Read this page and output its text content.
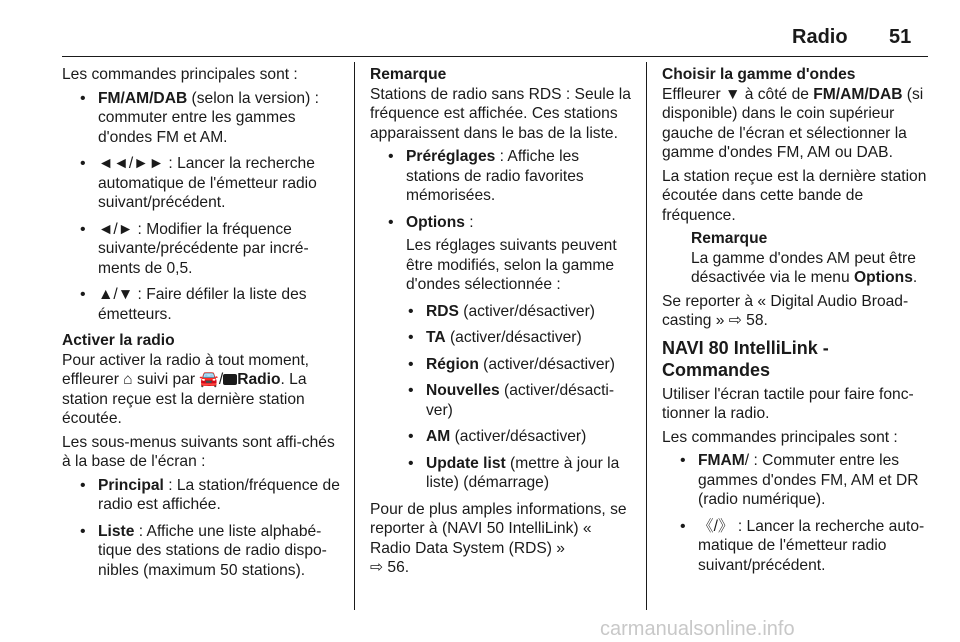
Radio 51

Les commandes principales sont :

• FM/AM/DAB (selon la version) : commuter entre les gammes d'ondes FM et AM.
• ◄◄/►► : Lancer la recherche automatique de l'émetteur radio suivant/précédent.
• ◄/► : Modifier la fréquence suivante/précédente par incré-ments de 0,5.
• ▲/▼ : Faire défiler la liste des émetteurs.

Activer la radio

Pour activer la radio à tout moment, effleurer ⌂ suivi par 🚘/ Radio. La station reçue est la dernière station écoutée.

Les sous-menus suivants sont affi-chés à la base de l'écran :

• Principal : La station/fréquence de radio est affichée.
• Liste : Affiche une liste alphabé-tique des stations de radio dispo-nibles (maximum 50 stations).

Remarque

Stations de radio sans RDS : Seule la fréquence est affichée. Ces stations apparaissent dans le bas de la liste.

• Préréglages : Affiche les stations de radio favorites mémorisées.
• Options :

Les réglages suivants peuvent être modifiés, selon la gamme d'ondes sélectionnée :

• RDS (activer/désactiver)
• TA (activer/désactiver)
• Région (activer/désactiver)
• Nouvelles (activer/désacti-ver)
• AM (activer/désactiver)
• Update list (mettre à jour la liste) (démarrage)

Pour de plus amples informations, se reporter à (NAVI 50 IntelliLink) « Radio Data System (RDS) »
⇨ 56.

Choisir la gamme d'ondes

Effleurer ▼ à côté de FM/AM/DAB (si disponible) dans le coin supérieur gauche de l'écran et sélectionner la gamme d'ondes FM, AM ou DAB.

La station reçue est la dernière station écoutée dans cette bande de fréquence.

Remarque

La gamme d'ondes AM peut être désactivée via le menu Options.

Se reporter à « Digital Audio Broad-casting » ⇨ 58.

NAVI 80 IntelliLink - Commandes

Utiliser l'écran tactile pour faire fonc-tionner la radio.

Les commandes principales sont :

• FMAM/ : Commuter entre les gammes d'ondes FM, AM et DR (radio numérique).
• 《/》 : Lancer la recherche auto-matique de l'émetteur radio suivant/précédent.
carmanualsonline.info
